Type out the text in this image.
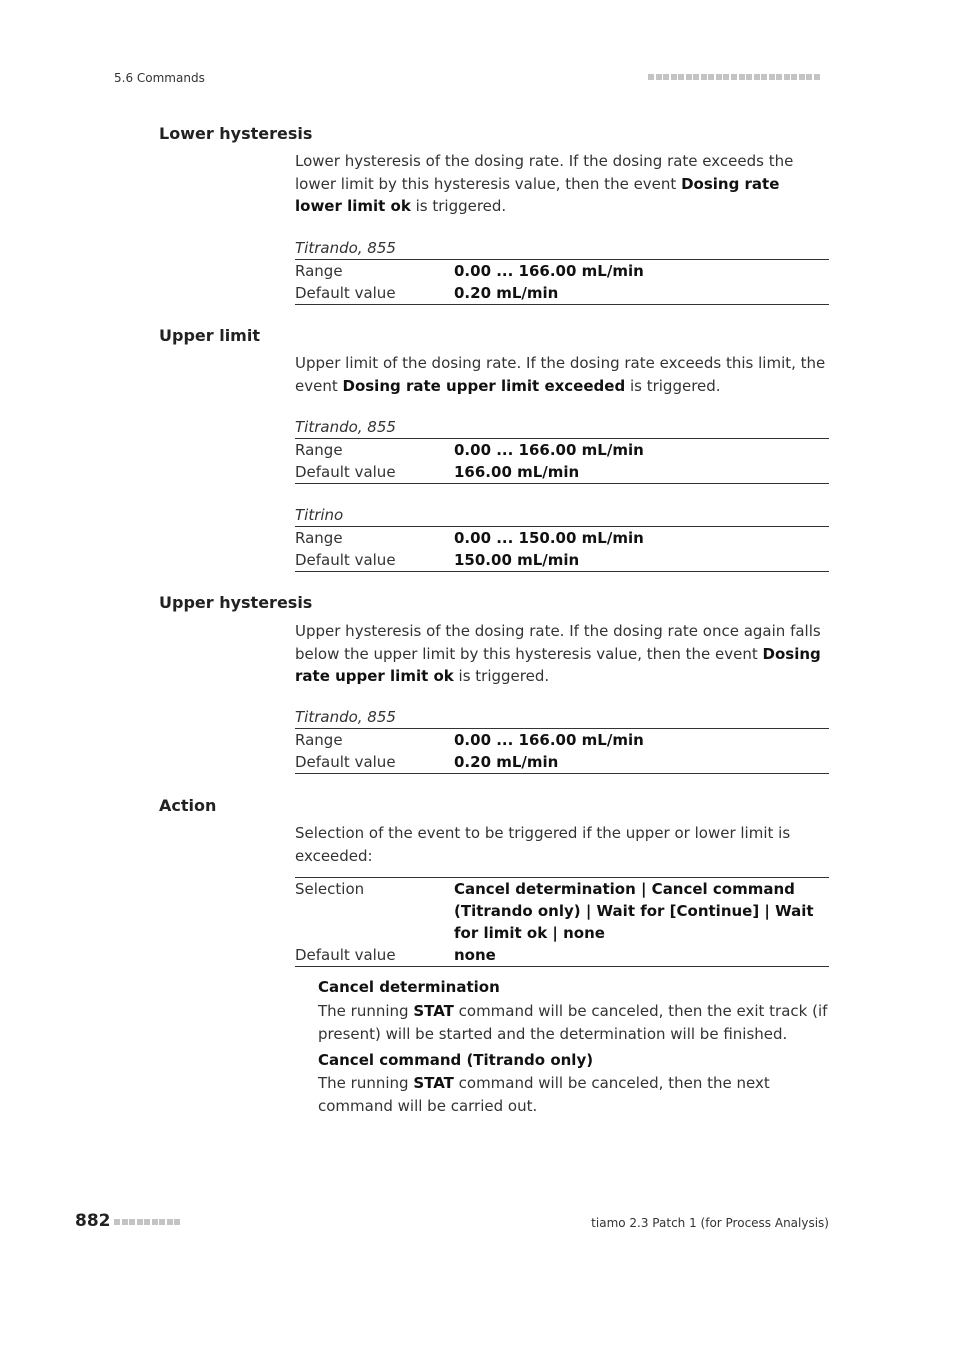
5.6 Commands
Lower hysteresis
Lower hysteresis of the dosing rate. If the dosing rate exceeds the lower limit by this hysteresis value, then the event Dosing rate lower limit ok is triggered.
Titrando, 855
Range	0.00 ... 166.00 mL/min
Default value	0.20 mL/min
Upper limit
Upper limit of the dosing rate. If the dosing rate exceeds this limit, the event Dosing rate upper limit exceeded is triggered.
Titrando, 855
Range	0.00 ... 166.00 mL/min
Default value	166.00 mL/min
Titrino
Range	0.00 ... 150.00 mL/min
Default value	150.00 mL/min
Upper hysteresis
Upper hysteresis of the dosing rate. If the dosing rate once again falls below the upper limit by this hysteresis value, then the event Dosing rate upper limit ok is triggered.
Titrando, 855
Range	0.00 ... 166.00 mL/min
Default value	0.20 mL/min
Action
Selection of the event to be triggered if the upper or lower limit is exceeded:
Selection	Cancel determination | Cancel command (Titrando only) | Wait for [Continue] | Wait for limit ok | none
Default value	none
Cancel determination
The running STAT command will be canceled, then the exit track (if present) will be started and the determination will be finished.
Cancel command (Titrando only)
The running STAT command will be canceled, then the next command will be carried out.
882	tiamo 2.3 Patch 1 (for Process Analysis)
